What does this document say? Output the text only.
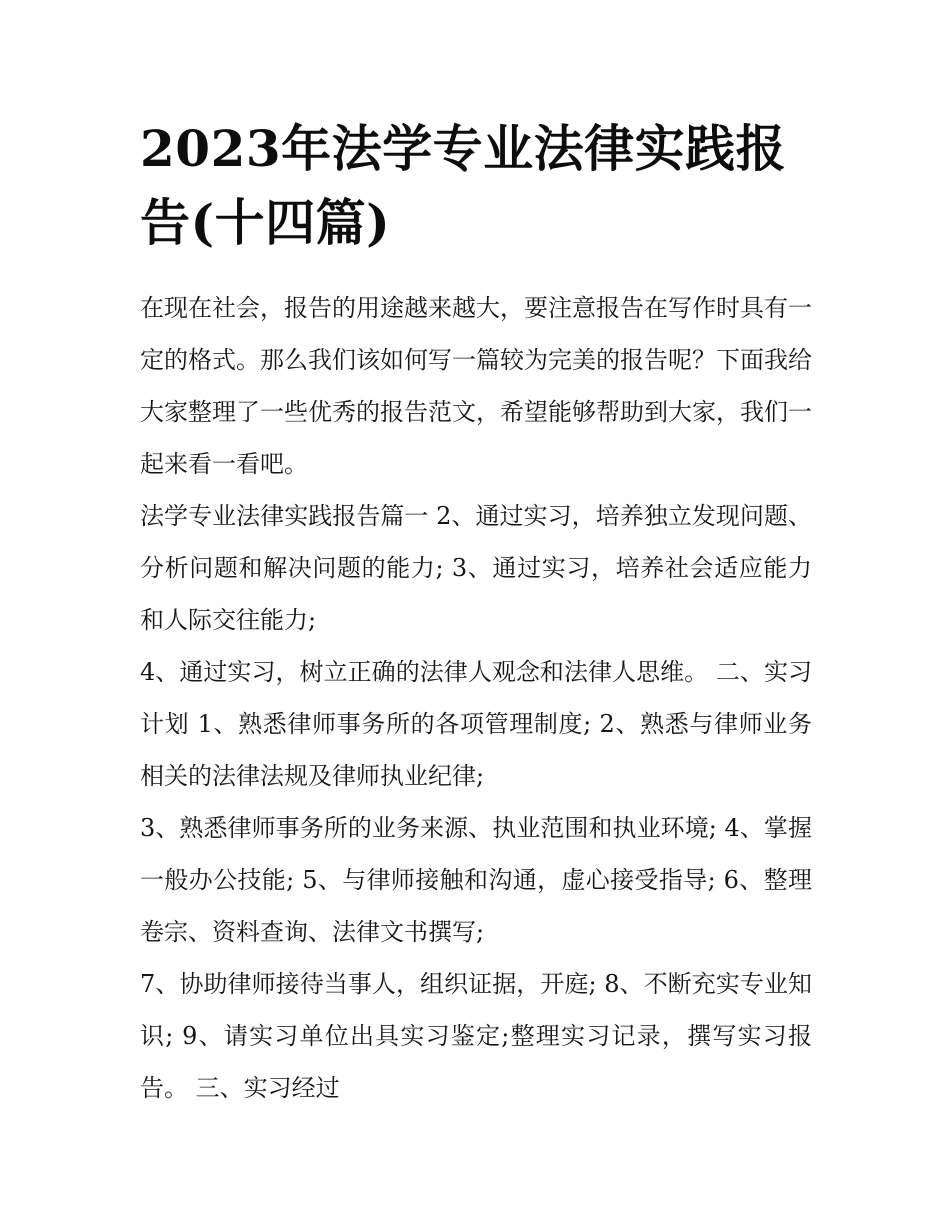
2023年法学专业法律实践报告(十四篇)

在现在社会，报告的用途越来越大，要注意报告在写作时具有一定的格式。那么我们该如何写一篇较为完美的报告呢？下面我给大家整理了一些优秀的报告范文，希望能够帮助到大家，我们一起来看一看吧。

法学专业法律实践报告篇一 2、通过实习，培养独立发现问题、分析问题和解决问题的能力; 3、通过实习，培养社会适应能力和人际交往能力;

4、通过实习，树立正确的法律人观念和法律人思维。 二、实习计划 1、熟悉律师事务所的各项管理制度; 2、熟悉与律师业务相关的法律法规及律师执业纪律;

3、熟悉律师事务所的业务来源、执业范围和执业环境; 4、掌握一般办公技能; 5、与律师接触和沟通，虚心接受指导; 6、整理卷宗、资料查询、法律文书撰写;

7、协助律师接待当事人，组织证据，开庭; 8、不断充实专业知识; 9、请实习单位出具实习鉴定;整理实习记录，撰写实习报告。 三、实习经过
